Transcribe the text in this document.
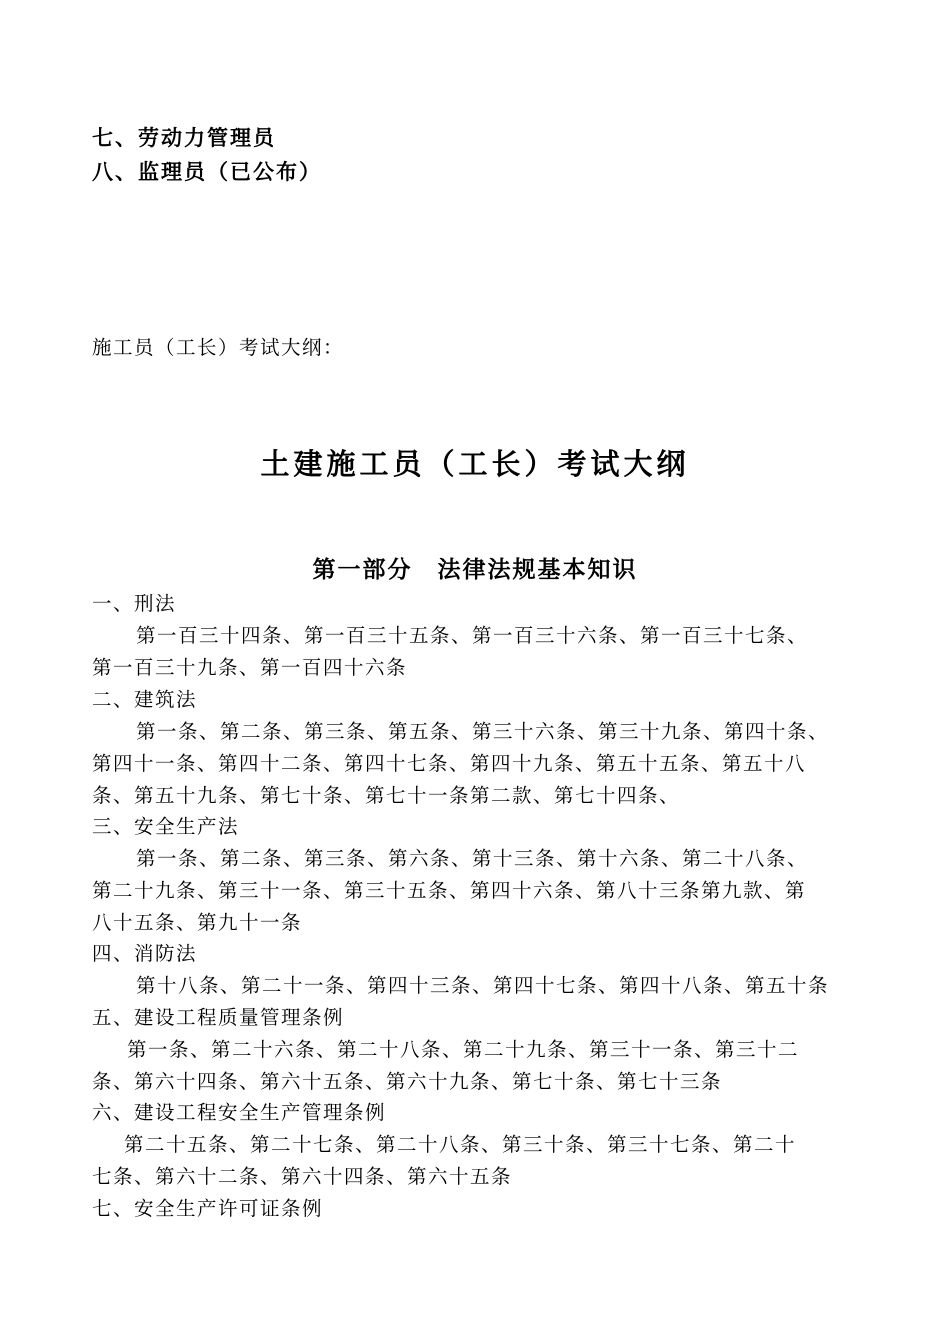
七、劳动力管理员
八、监理员（已公布）
施工员（工长）考试大纲：
土建施工员（工长）考试大纲
第一部分　法律法规基本知识
一、刑法
第一百三十四条、第一百三十五条、第一百三十六条、第一百三十七条、
第一百三十九条、第一百四十六条
二、建筑法
第一条、第二条、第三条、第五条、第三十六条、第三十九条、第四十条、
第四十一条、第四十二条、第四十七条、第四十九条、第五十五条、第五十八
条、第五十九条、第七十条、第七十一条第二款、第七十四条、
三、安全生产法
第一条、第二条、第三条、第六条、第十三条、第十六条、第二十八条、
第二十九条、第三十一条、第三十五条、第四十六条、第八十三条第九款、第
八十五条、第九十一条
四、消防法
第十八条、第二十一条、第四十三条、第四十七条、第四十八条、第五十条
五、建设工程质量管理条例
第一条、第二十六条、第二十八条、第二十九条、第三十一条、第三十二
条、第六十四条、第六十五条、第六十九条、第七十条、第七十三条
六、建设工程安全生产管理条例
第二十五条、第二十七条、第二十八条、第三十条、第三十七条、第二十
七条、第六十二条、第六十四条、第六十五条
七、安全生产许可证条例
